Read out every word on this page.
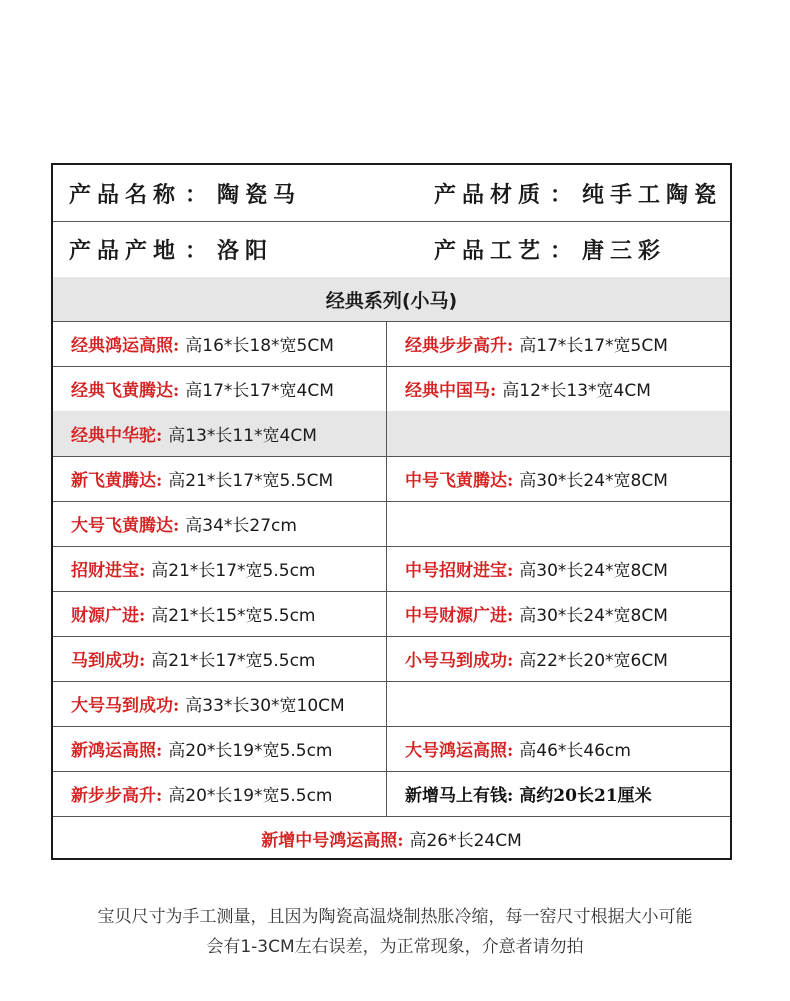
产品名称 ： 陶瓷马	产品材质 ： 纯手工陶瓷
产品产地 ： 洛阳	产品工艺 ： 唐三彩
经典系列(小马)
经典鸿运高照: 高16*长18*宽5CM	经典步步高升: 高17*长17*宽5CM
经典飞黄腾达: 高17*长17*宽4CM	经典中国马: 高12*长13*宽4CM
经典中华驼: 高13*长11*宽4CM
新飞黄腾达: 高21*长17*宽5.5CM	中号飞黄腾达: 高30*长24*宽8CM
大号飞黄腾达: 高34*长27cm
招财进宝: 高21*长17*宽5.5cm	中号招财进宝: 高30*长24*宽8CM
财源广进: 高21*长15*宽5.5cm	中号财源广进: 高30*长24*宽8CM
马到成功: 高21*长17*宽5.5cm	小号马到成功: 高22*长20*宽6CM
大号马到成功: 高33*长30*宽10CM
新鸿运高照: 高20*长19*宽5.5cm	大号鸿运高照: 高46*长46cm
新步步高升: 高20*长19*宽5.5cm	新增马上有钱: 高约20长21厘米
新增中号鸿运高照: 高26*长24CM
宝贝尺寸为手工测量，且因为陶瓷高温烧制热胀冷缩，每一窑尺寸根据大小可能
会有1-3CM左右误差，为正常现象，介意者请勿拍
